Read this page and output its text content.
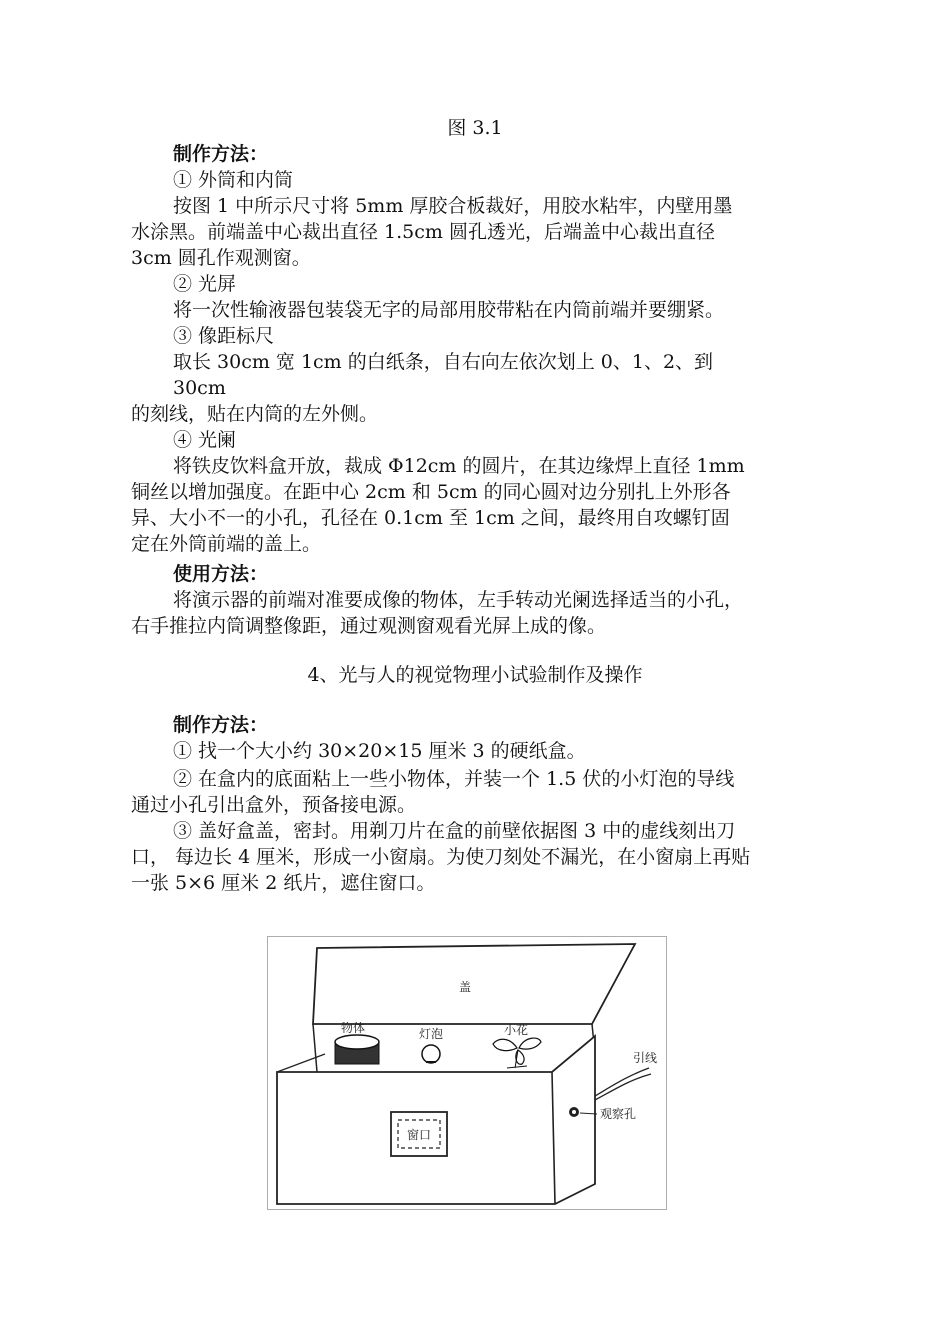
图 3.1
制作方法：
① 外筒和内筒
按图 1 中所示尺寸将 5mm 厚胶合板裁好，用胶水粘牢，内壁用墨
水涂黑。前端盖中心裁出直径 1.5cm 圆孔透光，后端盖中心裁出直径
3cm 圆孔作观测窗。
② 光屏
将一次性输液器包装袋无字的局部用胶带粘在内筒前端并要绷紧。
③ 像距标尺
取长 30cm 宽 1cm 的白纸条，自右向左依次划上 0、1、2、到
30cm
的刻线，贴在内筒的左外侧。
④ 光阑
将铁皮饮料盒开放，裁成 Φ12cm 的圆片，在其边缘焊上直径 1mm
铜丝以增加强度。在距中心 2cm 和 5cm 的同心圆对边分别扎上外形各
异、大小不一的小孔，孔径在 0.1cm 至 1cm 之间，最终用自攻螺钉固
定在外筒前端的盖上。
使用方法：
将演示器的前端对准要成像的物体，左手转动光阑选择适当的小孔，
右手推拉内筒调整像距，通过观测窗观看光屏上成的像。
4、光与人的视觉物理小试验制作及操作
制作方法：
① 找一个大小约 30×20×15 厘米 3 的硬纸盒。
② 在盒内的底面粘上一些小物体，并装一个 1.5 伏的小灯泡的导线
通过小孔引出盒外，预备接电源。
③ 盖好盒盖，密封。用剃刀片在盒的前壁依据图 3 中的虚线刻出刀
口， 每边长 4 厘米，形成一小窗扇。为使刀刻处不漏光，在小窗扇上再贴
一张 5×6 厘米 2 纸片，遮住窗口。
盖
物体	灯泡	小花
引线
观察孔
窗口
